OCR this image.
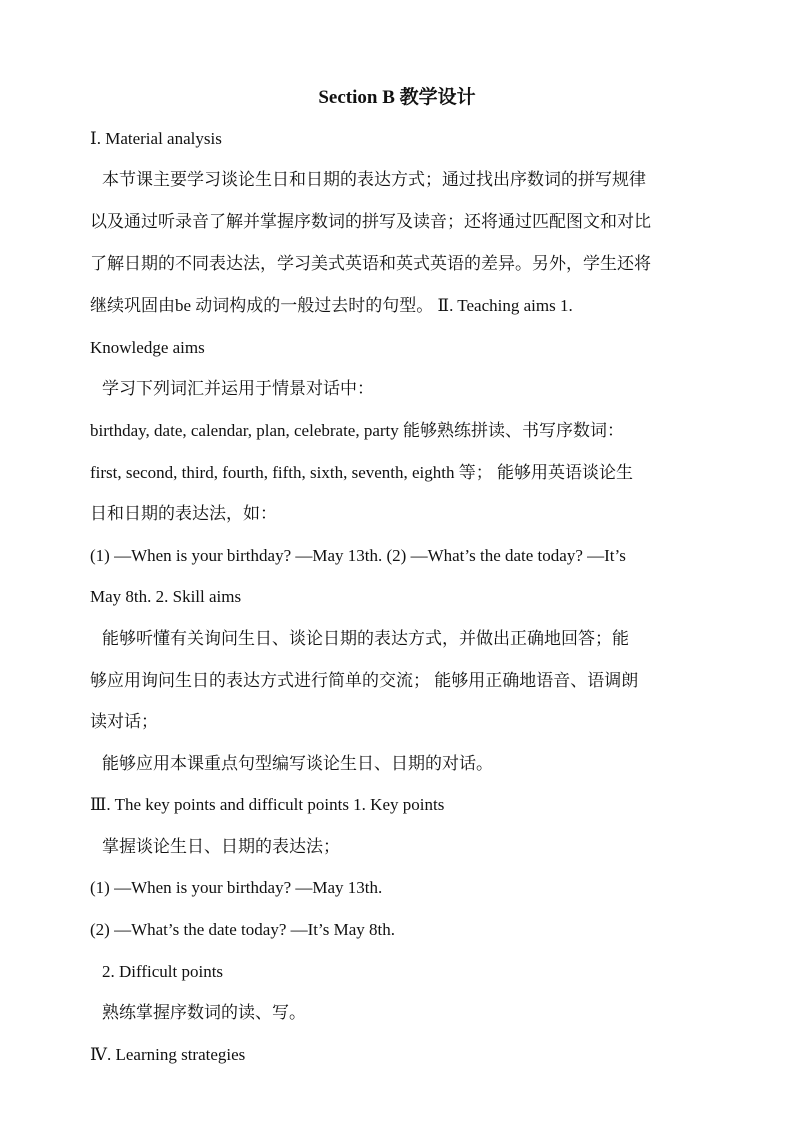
Section B 教学设计
Ⅰ. Material analysis
本节课主要学习谈论生日和日期的表达方式；通过找出序数词的拼写规律
以及通过听录音了解并掌握序数词的拼写及读音；还将通过匹配图文和对比
了解日期的不同表达法，学习美式英语和英式英语的差异。另外，学生还将
继续巩固由be 动词构成的一般过去时的句型。 Ⅱ. Teaching aims 1.
Knowledge aims
学习下列词汇并运用于情景对话中：
birthday, date, calendar, plan, celebrate, party 能够熟练拼读、书写序数词：
first, second, third, fourth, fifth, sixth, seventh, eighth 等； 能够用英语谈论生
日和日期的表达法，如：
(1) —When is your birthday? —May 13th. (2) —What’s the date today? —It’s
May 8th. 2. Skill aims
能够听懂有关询问生日、谈论日期的表达方式，并做出正确地回答；能
够应用询问生日的表达方式进行简单的交流； 能够用正确地语音、语调朗
读对话；
能够应用本课重点句型编写谈论生日、日期的对话。
Ⅲ. The key points and difficult points 1. Key points
掌握谈论生日、日期的表达法；
(1) —When is your birthday? —May 13th.
(2) —What’s the date today? —It’s May 8th.
2. Difficult points
熟练掌握序数词的读、写。
Ⅳ. Learning strategies
